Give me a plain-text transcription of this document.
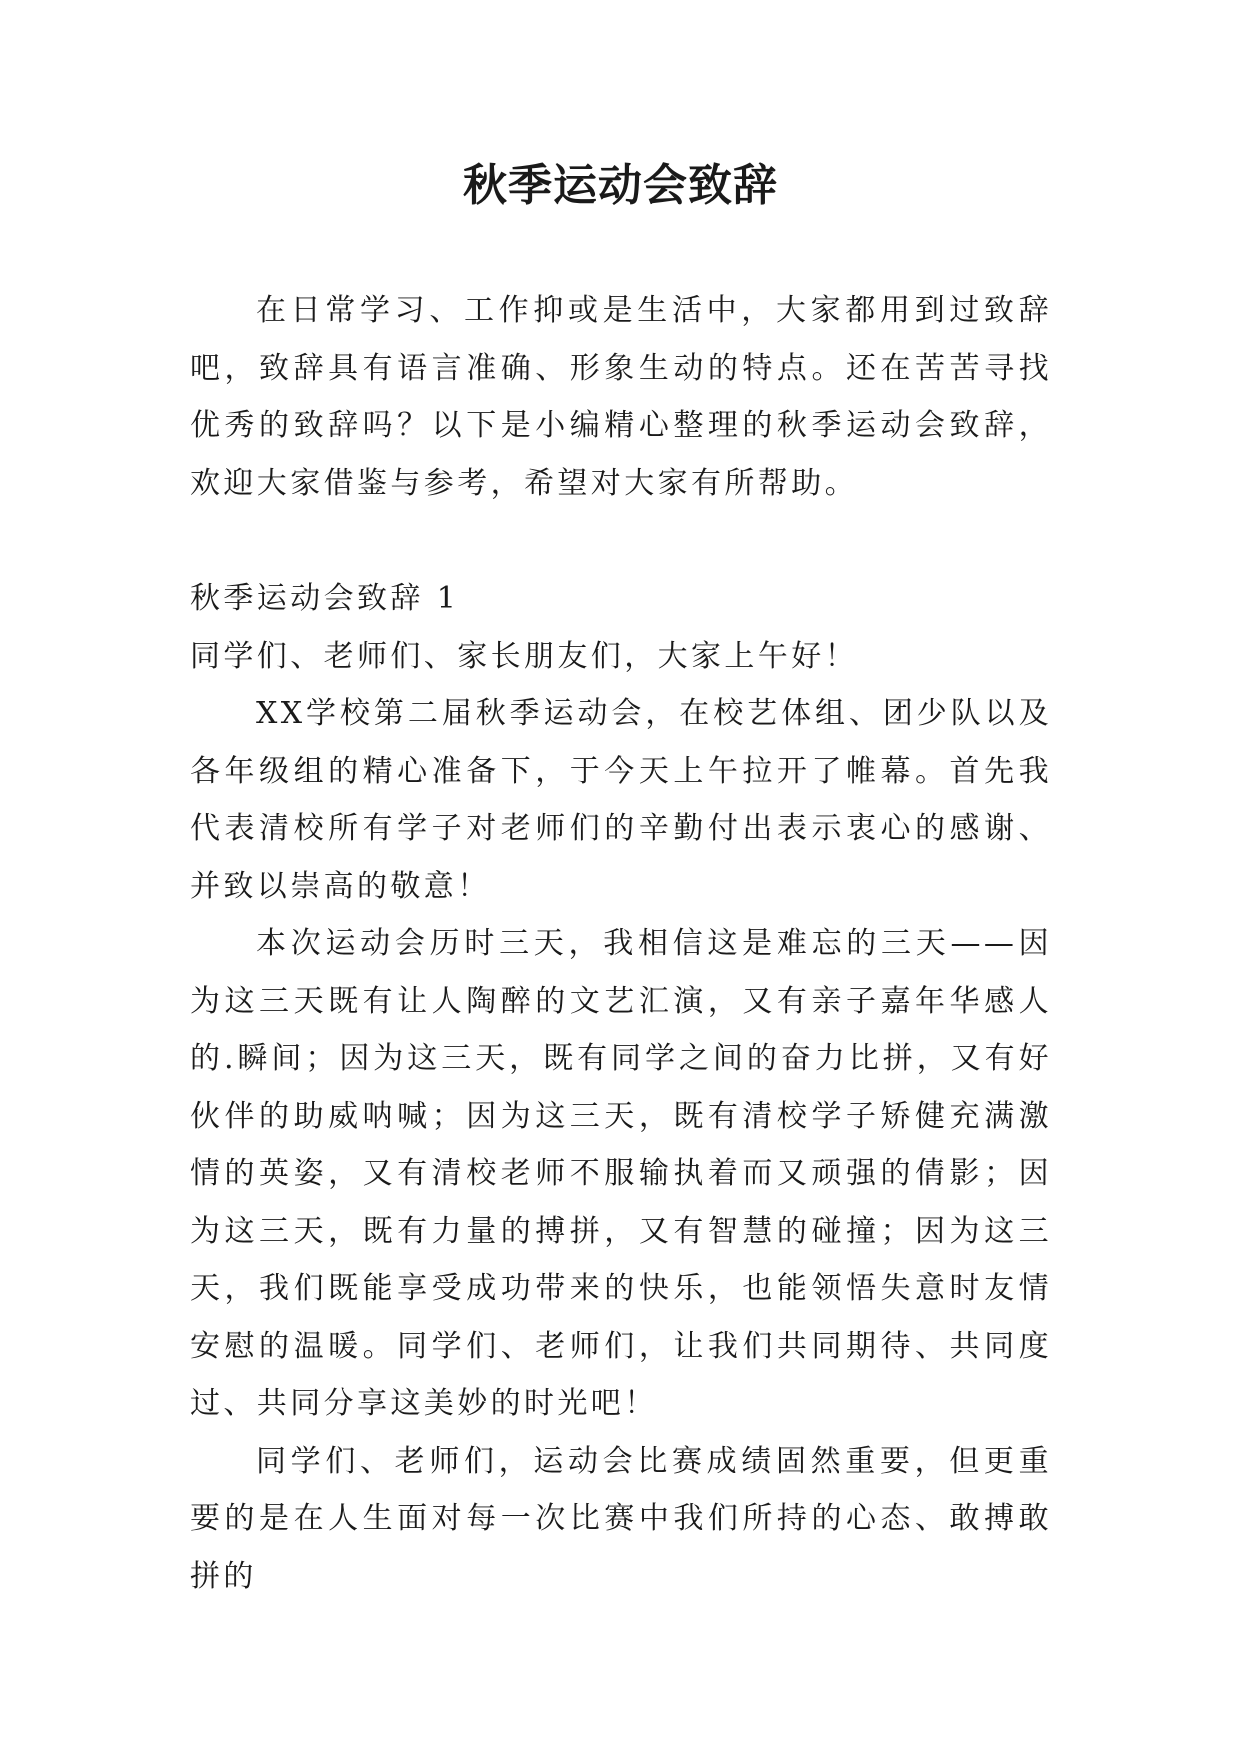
秋季运动会致辞

在日常学习、工作抑或是生活中，大家都用到过致辞吧，致辞具有语言准确、形象生动的特点。还在苦苦寻找优秀的致辞吗？以下是小编精心整理的秋季运动会致辞，欢迎大家借鉴与参考，希望对大家有所帮助。

秋季运动会致辞 1

同学们、老师们、家长朋友们，大家上午好！

XX学校第二届秋季运动会，在校艺体组、团少队以及各年级组的精心准备下，于今天上午拉开了帷幕。首先我代表清校所有学子对老师们的辛勤付出表示衷心的感谢、并致以崇高的敬意！

本次运动会历时三天，我相信这是难忘的三天——因为这三天既有让人陶醉的文艺汇演，又有亲子嘉年华感人的.瞬间；因为这三天，既有同学之间的奋力比拼，又有好伙伴的助威呐喊；因为这三天，既有清校学子矫健充满激情的英姿，又有清校老师不服输执着而又顽强的倩影；因为这三天，既有力量的搏拼，又有智慧的碰撞；因为这三天，我们既能享受成功带来的快乐，也能领悟失意时友情安慰的温暖。同学们、老师们，让我们共同期待、共同度过、共同分享这美妙的时光吧！

同学们、老师们，运动会比赛成绩固然重要，但更重要的是在人生面对每一次比赛中我们所持的心态、敢搏敢拼的
